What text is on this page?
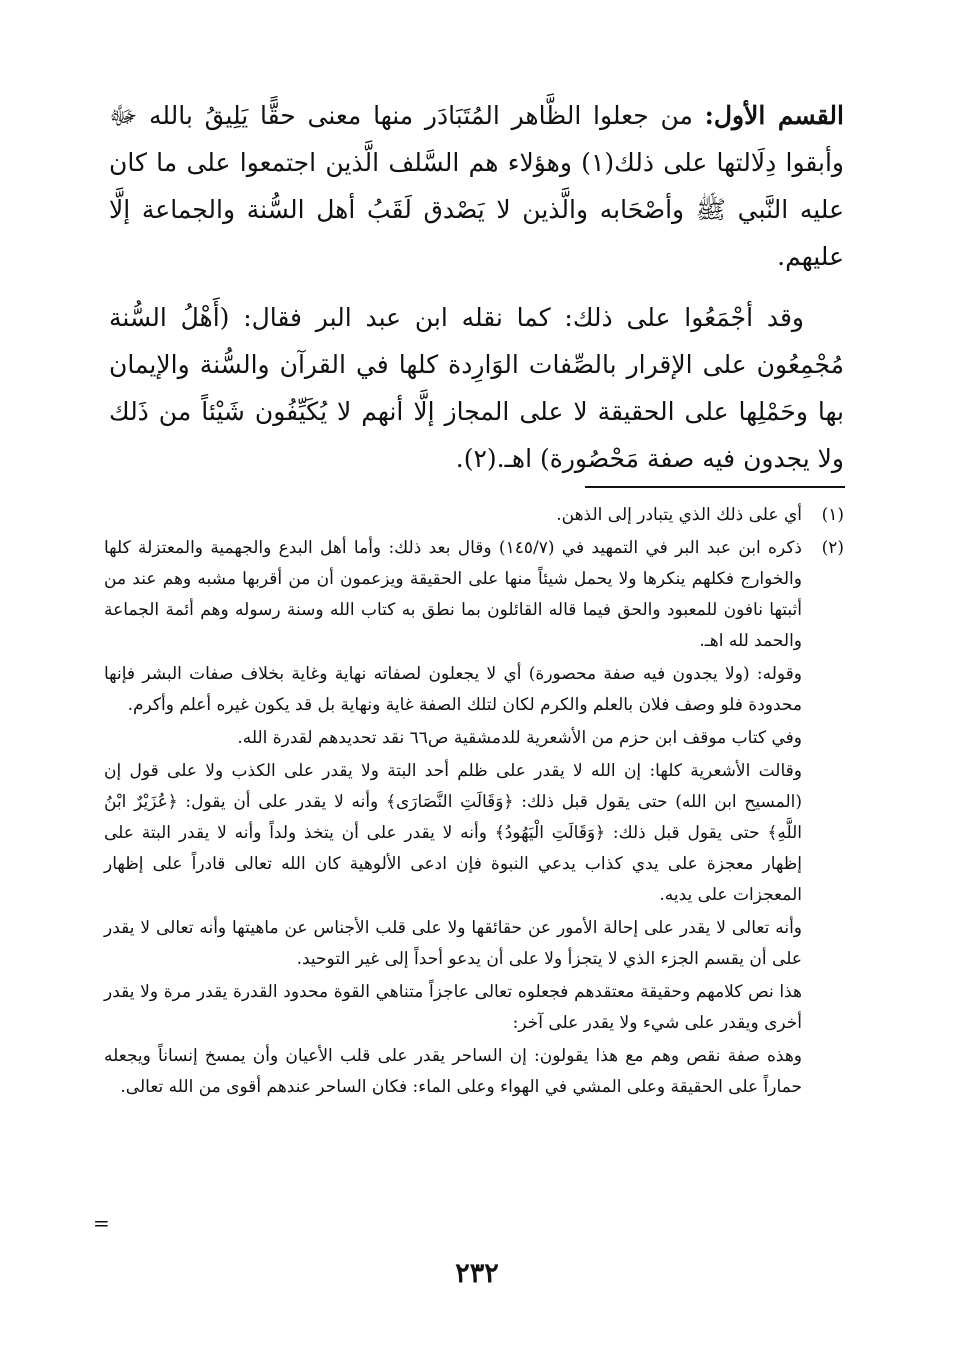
القسم الأول: من جعلوا الظَّاهر المُتَبَادَر منها معنى حقًّا يَلِيقُ بالله ﷻ وأبقوا دِلَالتها على ذلك(١) وهؤلاء هم السَّلف الَّذين اجتمعوا على ما كان عليه النَّبي ﷺ وأصْحَابه والَّذين لا يَصْدق لَقَبُ أهل السُّنة والجماعة إلَّا عليهم.

وقد أجْمَعُوا على ذلك: كما نقله ابن عبد البر فقال: (أَهْلُ السُّنة مُجْمِعُون على الإقرار بالصِّفات الوَارِدة كلها في القرآن والسُّنة والإيمان بها وحَمْلِها على الحقيقة لا على المجاز إلَّا أنهم لا يُكَيِّفُون شَيْئاً من ذَلك ولا يجدون فيه صفة مَحْصُورة) اهـ.(٢).

(١)

أي على ذلك الذي يتبادر إلى الذهن.

(٢)

ذكره ابن عبد البر في التمهيد في (١٤٥/٧) وقال بعد ذلك: وأما أهل البدع والجهمية والمعتزلة كلها والخوارج فكلهم ينكرها ولا يحمل شيئاً منها على الحقيقة ويزعمون أن من أقربها مشبه وهم عند من أثبتها نافون للمعبود والحق فيما قاله القائلون بما نطق به كتاب الله وسنة رسوله وهم أئمة الجماعة والحمد لله اهـ.

وقوله: (ولا يجدون فيه صفة محصورة) أي لا يجعلون لصفاته نهاية وغاية بخلاف صفات البشر فإنها محدودة فلو وصف فلان بالعلم والكرم لكان لتلك الصفة غاية ونهاية بل قد يكون غيره أعلم وأكرم.

وفي كتاب موقف ابن حزم من الأشعرية للدمشقية ص٦٦ نقد تحديدهم لقدرة الله.

وقالت الأشعرية كلها: إن الله لا يقدر على ظلم أحد البتة ولا يقدر على الكذب ولا على قول إن (المسيح ابن الله) حتى يقول قبل ذلك: ﴿وَقَالَتِ النَّصَارَى﴾ وأنه لا يقدر على أن يقول: ﴿عُزَيْرٌ ابْنُ اللَّهِ﴾ حتى يقول قبل ذلك: ﴿وَقَالَتِ الْيَهُودُ﴾ وأنه لا يقدر على أن يتخذ ولداً وأنه لا يقدر البتة على إظهار معجزة على يدي كذاب يدعي النبوة فإن ادعى الألوهية كان الله تعالى قادراً على إظهار المعجزات على يديه.

وأنه تعالى لا يقدر على إحالة الأمور عن حقائقها ولا على قلب الأجناس عن ماهيتها وأنه تعالى لا يقدر على أن يقسم الجزء الذي لا يتجزأ ولا على أن يدعو أحداً إلى غير التوحيد.

هذا نص كلامهم وحقيقة معتقدهم فجعلوه تعالى عاجزاً متناهي القوة محدود القدرة يقدر مرة ولا يقدر أخرى ويقدر على شيء ولا يقدر على آخر:

وهذه صفة نقص وهم مع هذا يقولون: إن الساحر يقدر على قلب الأعيان وأن يمسخ إنساناً ويجعله حماراً على الحقيقة وعلى المشي في الهواء وعلى الماء: فكان الساحر عندهم أقوى من الله تعالى.

=
٢٣٢
